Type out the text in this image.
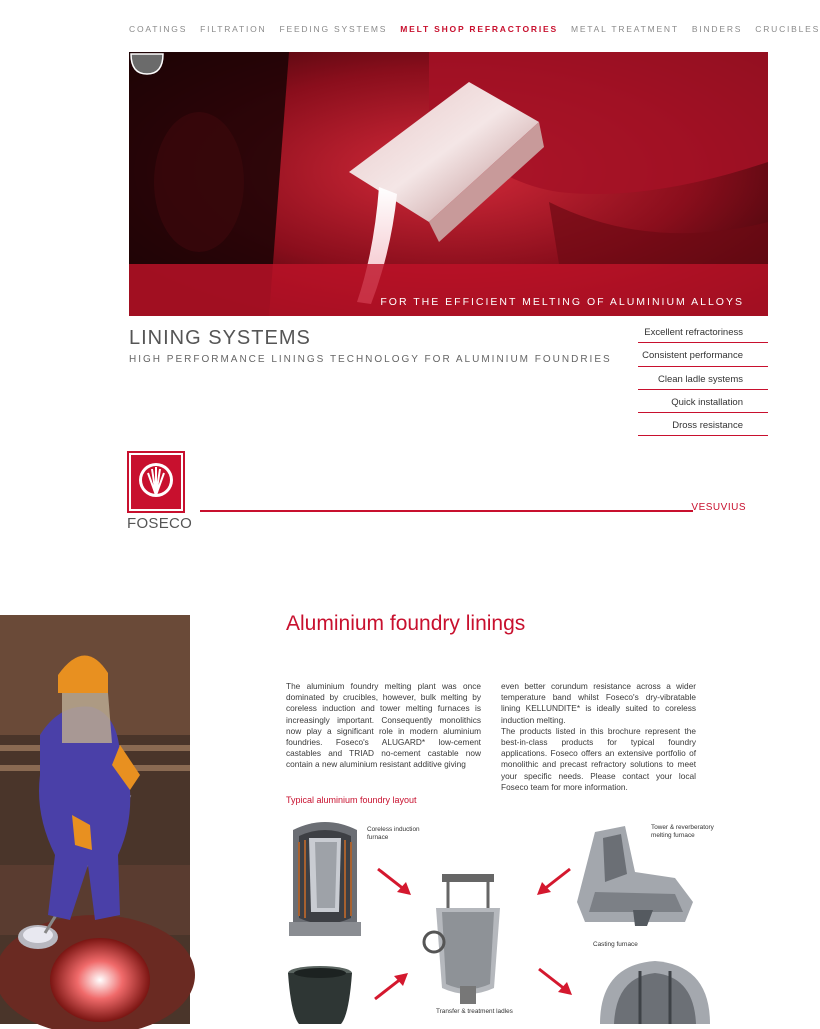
COATINGS FILTRATION FEEDING SYSTEMS MELT SHOP REFRACTORIES METAL TREATMENT BINDERS CRUCIBLES
FOR THE EFFICIENT MELTING OF ALUMINIUM ALLOYS
LINING SYSTEMS
HIGH PERFORMANCE LININGS TECHNOLOGY FOR ALUMINIUM FOUNDRIES
Excellent refractoriness
Consistent performance
Clean ladle systems
Quick installation
Dross resistance
FOSECO
VESUVIUS
Aluminium foundry linings

The aluminium foundry melting plant was once dominated by crucibles, however, bulk melting by coreless induction and tower melting furnaces is increasingly important. Consequently monolithics now play a significant role in modern aluminium foundries. Foseco's ALUGARD* low-cement castables and TRIAD no-cement castable now contain a new aluminium resistant additive giving

even better corundum resistance across a wider temperature band whilst Foseco's dry-vibratable lining KELLUNDITE* is ideally suited to coreless induction melting.

The products listed in this brochure represent the best-in-class products for typical foundry applications. Foseco offers an extensive portfolio of monolithic and precast refractory solutions to meet your specific needs. Please contact your local Foseco team for more information.

Typical aluminium foundry layout
Coreless induction furnace
Tower & reverberatory melting furnace
Transfer & treatment ladles
Casting furnace
